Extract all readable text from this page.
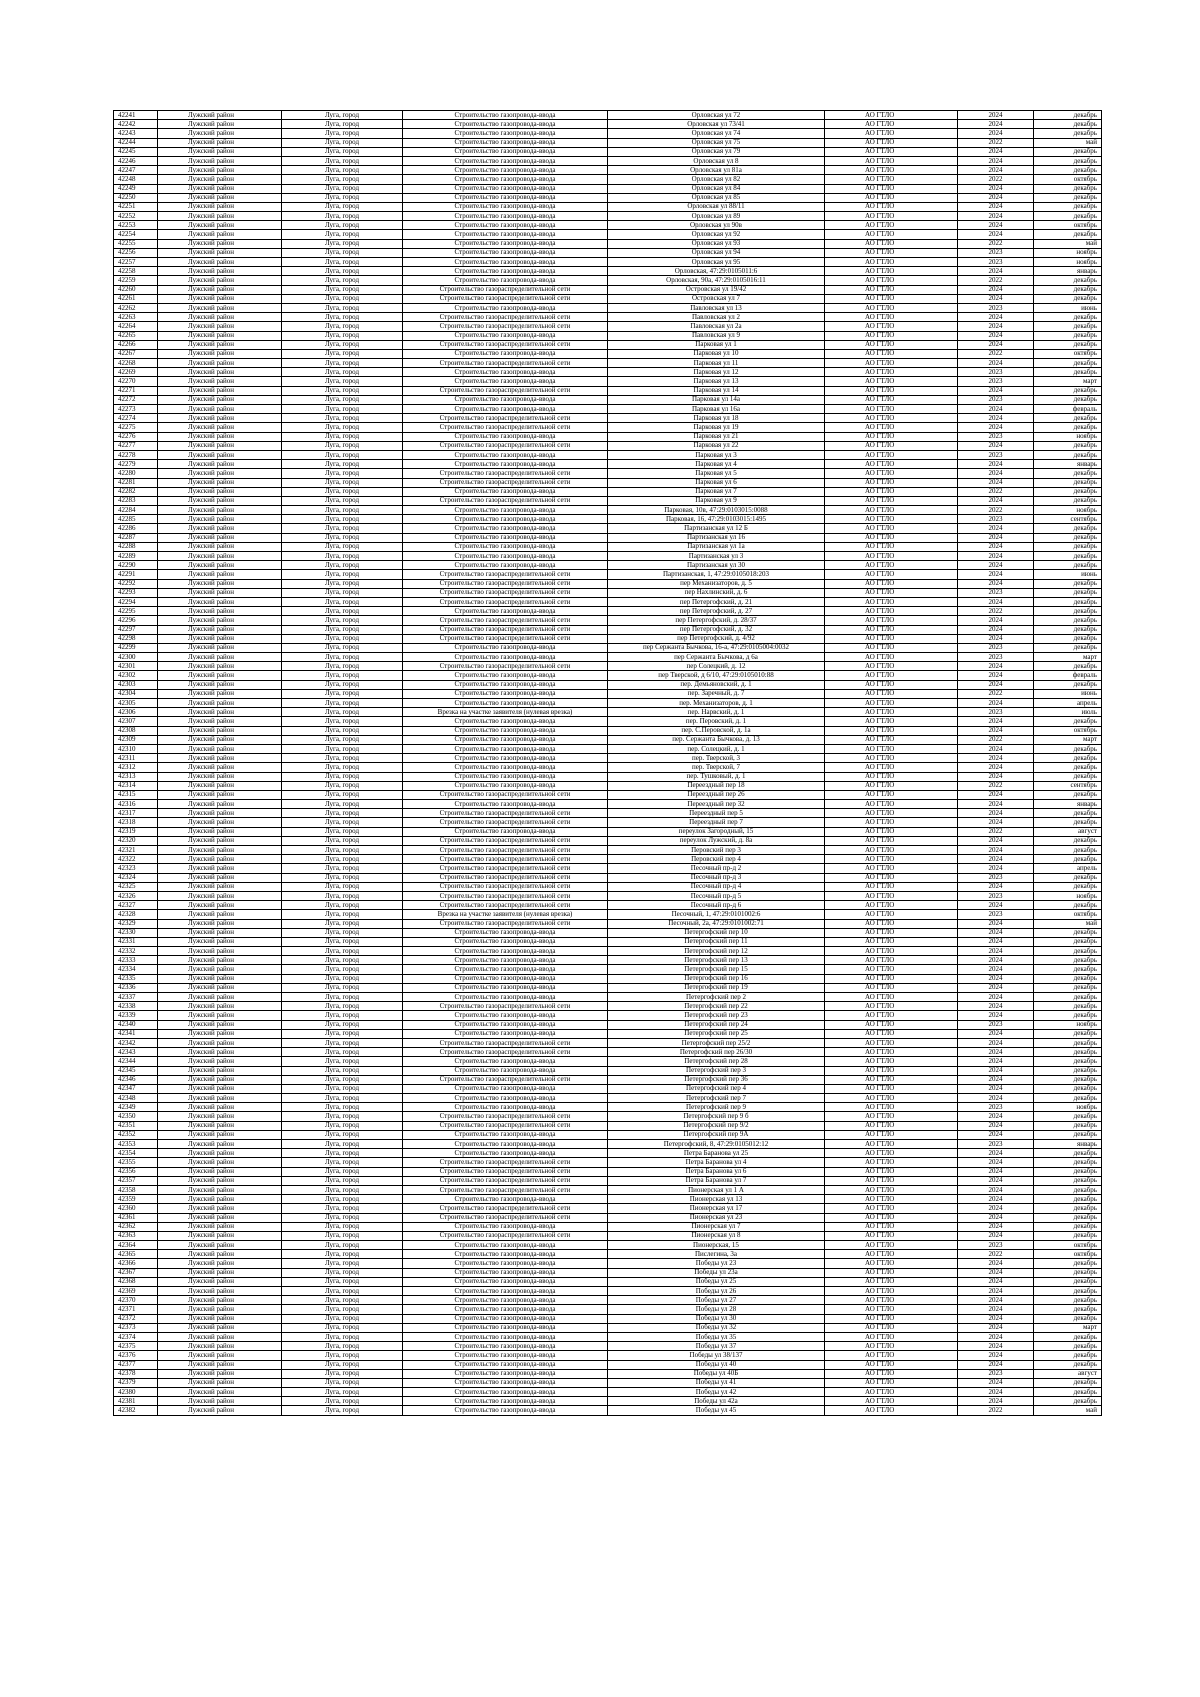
42241	Лужский район	Луга, город	Строительство газопровода-ввода	Орловская ул 72	АО ГТЛО	2024	декабрь
42242	Лужский район	Луга, город	Строительство газопровода-ввода	Орловская ул 73/41	АО ГТЛО	2024	декабрь
42243	Лужский район	Луга, город	Строительство газопровода-ввода	Орловская ул 74	АО ГТЛО	2024	декабрь
42244	Лужский район	Луга, город	Строительство газопровода-ввода	Орловская ул 75	АО ГТЛО	2022	май
42245	Лужский район	Луга, город	Строительство газопровода-ввода	Орловская ул 79	АО ГТЛО	2024	декабрь
42246	Лужский район	Луга, город	Строительство газопровода-ввода	Орловская ул 8	АО ГТЛО	2024	декабрь
42247	Лужский район	Луга, город	Строительство газопровода-ввода	Орловская ул 81а	АО ГТЛО	2024	декабрь
42248	Лужский район	Луга, город	Строительство газопровода-ввода	Орловская ул 82	АО ГТЛО	2022	октябрь
42249	Лужский район	Луга, город	Строительство газопровода-ввода	Орловская ул 84	АО ГТЛО	2024	декабрь
42250	Лужский район	Луга, город	Строительство газопровода-ввода	Орловская ул 85	АО ГТЛО	2024	декабрь
42251	Лужский район	Луга, город	Строительство газопровода-ввода	Орловская ул 88/11	АО ГТЛО	2024	декабрь
42252	Лужский район	Луга, город	Строительство газопровода-ввода	Орловская ул 89	АО ГТЛО	2024	декабрь
42253	Лужский район	Луга, город	Строительство газопровода-ввода	Орловская ул 90в	АО ГТЛО	2024	октябрь
42254	Лужский район	Луга, город	Строительство газопровода-ввода	Орловская ул 92	АО ГТЛО	2024	декабрь
42255	Лужский район	Луга, город	Строительство газопровода-ввода	Орловская ул 93	АО ГТЛО	2022	май
42256	Лужский район	Луга, город	Строительство газопровода-ввода	Орловская ул 94	АО ГТЛО	2023	ноябрь
42257	Лужский район	Луга, город	Строительство газопровода-ввода	Орловская ул 95	АО ГТЛО	2023	ноябрь
42258	Лужский район	Луга, город	Строительство газопровода-ввода	Орловская, 47:29:0105011:6	АО ГТЛО	2024	январь
42259	Лужский район	Луга, город	Строительство газопровода-ввода	Орловская, 90а, 47:29:0105016:11	АО ГТЛО	2022	декабрь
42260	Лужский район	Луга, город	Строительство газораспределительной сети	Островская ул 19/42	АО ГТЛО	2024	декабрь
42261	Лужский район	Луга, город	Строительство газораспределительной сети	Островская ул 7	АО ГТЛО	2024	декабрь
42262	Лужский район	Луга, город	Строительство газопровода-ввода	Павловская ул 13	АО ГТЛО	2023	июнь
42263	Лужский район	Луга, город	Строительство газораспределительной сети	Павловская ул 2	АО ГТЛО	2024	декабрь
42264	Лужский район	Луга, город	Строительство газораспределительной сети	Павловская ул 2а	АО ГТЛО	2024	декабрь
42265	Лужский район	Луга, город	Строительство газопровода-ввода	Павловская ул 9	АО ГТЛО	2024	декабрь
42266	Лужский район	Луга, город	Строительство газораспределительной сети	Парковая ул 1	АО ГТЛО	2024	декабрь
42267	Лужский район	Луга, город	Строительство газопровода-ввода	Парковая ул 10	АО ГТЛО	2022	октябрь
42268	Лужский район	Луга, город	Строительство газораспределительной сети	Парковая ул 11	АО ГТЛО	2024	декабрь
42269	Лужский район	Луга, город	Строительство газопровода-ввода	Парковая ул 12	АО ГТЛО	2023	декабрь
42270	Лужский район	Луга, город	Строительство газопровода-ввода	Парковая ул 13	АО ГТЛО	2023	март
42271	Лужский район	Луга, город	Строительство газораспределительной сети	Парковая ул 14	АО ГТЛО	2024	декабрь
42272	Лужский район	Луга, город	Строительство газопровода-ввода	Парковая ул 14а	АО ГТЛО	2023	декабрь
42273	Лужский район	Луга, город	Строительство газопровода-ввода	Парковая ул 16а	АО ГТЛО	2024	февраль
42274	Лужский район	Луга, город	Строительство газораспределительной сети	Парковая ул 18	АО ГТЛО	2024	декабрь
42275	Лужский район	Луга, город	Строительство газораспределительной сети	Парковая ул 19	АО ГТЛО	2024	декабрь
42276	Лужский район	Луга, город	Строительство газопровода-ввода	Парковая ул 21	АО ГТЛО	2023	ноябрь
42277	Лужский район	Луга, город	Строительство газораспределительной сети	Парковая ул 22	АО ГТЛО	2024	декабрь
42278	Лужский район	Луга, город	Строительство газопровода-ввода	Парковая ул 3	АО ГТЛО	2023	декабрь
42279	Лужский район	Луга, город	Строительство газопровода-ввода	Парковая ул 4	АО ГТЛО	2024	январь
42280	Лужский район	Луга, город	Строительство газораспределительной сети	Парковая ул 5	АО ГТЛО	2024	декабрь
42281	Лужский район	Луга, город	Строительство газораспределительной сети	Парковая ул 6	АО ГТЛО	2024	декабрь
42282	Лужский район	Луга, город	Строительство газопровода-ввода	Парковая ул 7	АО ГТЛО	2022	декабрь
42283	Лужский район	Луга, город	Строительство газораспределительной сети	Парковая ул 9	АО ГТЛО	2024	декабрь
42284	Лужский район	Луга, город	Строительство газопровода-ввода	Парковая, 10в, 47:29:0103015:0088	АО ГТЛО	2022	ноябрь
42285	Лужский район	Луга, город	Строительство газопровода-ввода	Парковая, 16, 47:29:0103015:1495	АО ГТЛО	2023	сентябрь
42286	Лужский район	Луга, город	Строительство газопровода-ввода	Партизанская ул 12 Б	АО ГТЛО	2024	декабрь
42287	Лужский район	Луга, город	Строительство газопровода-ввода	Партизанская ул 16	АО ГТЛО	2024	декабрь
42288	Лужский район	Луга, город	Строительство газопровода-ввода	Партизанская ул 1а	АО ГТЛО	2024	декабрь
42289	Лужский район	Луга, город	Строительство газопровода-ввода	Партизанская ул 3	АО ГТЛО	2024	декабрь
42290	Лужский район	Луга, город	Строительство газопровода-ввода	Партизанская ул 30	АО ГТЛО	2024	декабрь
42291	Лужский район	Луга, город	Строительство газораспределительной сети	Партизанская, 1, 47:29:0105018:203	АО ГТЛО	2024	июнь
42292	Лужский район	Луга, город	Строительство газораспределительной сети	пер Механизаторов, д. 5	АО ГТЛО	2024	декабрь
42293	Лужский район	Луга, город	Строительство газораспределительной сети	пер Нахлинский, д. 6	АО ГТЛО	2023	декабрь
42294	Лужский район	Луга, город	Строительство газораспределительной сети	пер Петергофский, д. 21	АО ГТЛО	2024	декабрь
42295	Лужский район	Луга, город	Строительство газопровода-ввода	пер Петергофский, д. 27	АО ГТЛО	2022	декабрь
42296	Лужский район	Луга, город	Строительство газораспределительной сети	пер Петергофский, д. 28/37	АО ГТЛО	2024	декабрь
42297	Лужский район	Луга, город	Строительство газораспределительной сети	пер Петергофский, д. 32	АО ГТЛО	2024	декабрь
42298	Лужский район	Луга, город	Строительство газораспределительной сети	пер Петергофский, д. 4/92	АО ГТЛО	2024	декабрь
42299	Лужский район	Луга, город	Строительство газопровода-ввода	пер Сержанта Бычкова, 16-а, 47:29:0105004:0032	АО ГТЛО	2023	декабрь
42300	Лужский район	Луга, город	Строительство газопровода-ввода	пер Сержанта Бычкова, д 6а	АО ГТЛО	2023	март
42301	Лужский район	Луга, город	Строительство газораспределительной сети	пер Солецкий, д. 12	АО ГТЛО	2024	декабрь
42302	Лужский район	Луга, город	Строительство газопровода-ввода	пер Тверской, д 6/10, 47:29:0105010:88	АО ГТЛО	2024	февраль
42303	Лужский район	Луга, город	Строительство газопровода-ввода	пер. Демьяновский, д. 1	АО ГТЛО	2024	декабрь
42304	Лужский район	Луга, город	Строительство газопровода-ввода	пер. Заречный, д. 7	АО ГТЛО	2022	июнь
42305	Лужский район	Луга, город	Строительство газопровода-ввода	пер. Механизаторов, д. 1	АО ГТЛО	2024	апрель
42306	Лужский район	Луга, город	Врезка на участке заявителя (нулевая врезка)	пер. Нарвский, д. 1	АО ГТЛО	2023	июль
42307	Лужский район	Луга, город	Строительство газопровода-ввода	пер. Перовский, д. 1	АО ГТЛО	2024	декабрь
42308	Лужский район	Луга, город	Строительство газопровода-ввода	пер. С.Перовской, д. 1а	АО ГТЛО	2024	октябрь
42309	Лужский район	Луга, город	Строительство газопровода-ввода	пер. Сержанта Бычкова, д. 13	АО ГТЛО	2022	март
42310	Лужский район	Луга, город	Строительство газопровода-ввода	пер. Солецкий, д. 1	АО ГТЛО	2024	декабрь
42311	Лужский район	Луга, город	Строительство газопровода-ввода	пер. Тверской, 3	АО ГТЛО	2024	декабрь
42312	Лужский район	Луга, город	Строительство газопровода-ввода	пер. Тверской, 7	АО ГТЛО	2024	декабрь
42313	Лужский район	Луга, город	Строительство газопровода-ввода	пер. Тушковый, д. 1	АО ГТЛО	2024	декабрь
42314	Лужский район	Луга, город	Строительство газопровода-ввода	Переездный пер 18	АО ГТЛО	2022	сентябрь
42315	Лужский район	Луга, город	Строительство газораспределительной сети	Переездный пер 26	АО ГТЛО	2024	декабрь
42316	Лужский район	Луга, город	Строительство газопровода-ввода	Переездный пер 32	АО ГТЛО	2024	январь
42317	Лужский район	Луга, город	Строительство газораспределительной сети	Переездный пер 5	АО ГТЛО	2024	декабрь
42318	Лужский район	Луга, город	Строительство газораспределительной сети	Переездный пер 7	АО ГТЛО	2024	декабрь
42319	Лужский район	Луга, город	Строительство газопровода-ввода	переулок Загородный, 15	АО ГТЛО	2022	август
42320	Лужский район	Луга, город	Строительство газораспределительной сети	переулок Лужский, д. 8а	АО ГТЛО	2024	декабрь
42321	Лужский район	Луга, город	Строительство газораспределительной сети	Перовский пер 3	АО ГТЛО	2024	декабрь
42322	Лужский район	Луга, город	Строительство газораспределительной сети	Перовский пер 4	АО ГТЛО	2024	декабрь
42323	Лужский район	Луга, город	Строительство газораспределительной сети	Песочный пр-д 2	АО ГТЛО	2024	апрель
42324	Лужский район	Луга, город	Строительство газораспределительной сети	Песочный пр-д 3	АО ГТЛО	2023	декабрь
42325	Лужский район	Луга, город	Строительство газораспределительной сети	Песочный пр-д 4	АО ГТЛО	2024	декабрь
42326	Лужский район	Луга, город	Строительство газораспределительной сети	Песочный пр-д 5	АО ГТЛО	2023	ноябрь
42327	Лужский район	Луга, город	Строительство газораспределительной сети	Песочный пр-д 6	АО ГТЛО	2024	декабрь
42328	Лужский район	Луга, город	Врезка на участке заявителя (нулевая врезка)	Песочный, 1, 47:29:0101002:6	АО ГТЛО	2023	октябрь
42329	Лужский район	Луга, город	Строительство газораспределительной сети	Песочный, 2а, 47:29:0101002:71	АО ГТЛО	2024	май
42330	Лужский район	Луга, город	Строительство газопровода-ввода	Петергофский пер 10	АО ГТЛО	2024	декабрь
42331	Лужский район	Луга, город	Строительство газопровода-ввода	Петергофский пер 11	АО ГТЛО	2024	декабрь
42332	Лужский район	Луга, город	Строительство газопровода-ввода	Петергофский пер 12	АО ГТЛО	2024	декабрь
42333	Лужский район	Луга, город	Строительство газопровода-ввода	Петергофский пер 13	АО ГТЛО	2024	декабрь
42334	Лужский район	Луга, город	Строительство газопровода-ввода	Петергофский пер 15	АО ГТЛО	2024	декабрь
42335	Лужский район	Луга, город	Строительство газопровода-ввода	Петергофский пер 16	АО ГТЛО	2024	декабрь
42336	Лужский район	Луга, город	Строительство газопровода-ввода	Петергофский пер 19	АО ГТЛО	2024	декабрь
42337	Лужский район	Луга, город	Строительство газопровода-ввода	Петергофский пер 2	АО ГТЛО	2024	декабрь
42338	Лужский район	Луга, город	Строительство газораспределительной сети	Петергофский пер 22	АО ГТЛО	2024	декабрь
42339	Лужский район	Луга, город	Строительство газопровода-ввода	Петергофский пер 23	АО ГТЛО	2024	декабрь
42340	Лужский район	Луга, город	Строительство газопровода-ввода	Петергофский пер 24	АО ГТЛО	2023	ноябрь
42341	Лужский район	Луга, город	Строительство газопровода-ввода	Петергофский пер 25	АО ГТЛО	2024	декабрь
42342	Лужский район	Луга, город	Строительство газораспределительной сети	Петергофский пер 25/2	АО ГТЛО	2024	декабрь
42343	Лужский район	Луга, город	Строительство газораспределительной сети	Петергофский пер 26/30	АО ГТЛО	2024	декабрь
42344	Лужский район	Луга, город	Строительство газопровода-ввода	Петергофский пер 28	АО ГТЛО	2024	декабрь
42345	Лужский район	Луга, город	Строительство газопровода-ввода	Петергофский пер 3	АО ГТЛО	2024	декабрь
42346	Лужский район	Луга, город	Строительство газораспределительной сети	Петергофский пер 36	АО ГТЛО	2024	декабрь
42347	Лужский район	Луга, город	Строительство газопровода-ввода	Петергофский пер 4	АО ГТЛО	2024	декабрь
42348	Лужский район	Луга, город	Строительство газопровода-ввода	Петергофский пер 7	АО ГТЛО	2024	декабрь
42349	Лужский район	Луга, город	Строительство газопровода-ввода	Петергофский пер 9	АО ГТЛО	2023	ноябрь
42350	Лужский район	Луга, город	Строительство газораспределительной сети	Петергофский пер 9 б	АО ГТЛО	2024	декабрь
42351	Лужский район	Луга, город	Строительство газораспределительной сети	Петергофский пер 9/2	АО ГТЛО	2024	декабрь
42352	Лужский район	Луга, город	Строительство газопровода-ввода	Петергофский пер 9А	АО ГТЛО	2024	декабрь
42353	Лужский район	Луга, город	Строительство газопровода-ввода	Петергофский, 8, 47:29:0105012:12	АО ГТЛО	2023	январь
42354	Лужский район	Луга, город	Строительство газопровода-ввода	Петра Баранова ул 25	АО ГТЛО	2024	декабрь
42355	Лужский район	Луга, город	Строительство газораспределительной сети	Петра Баранова ул 4	АО ГТЛО	2024	декабрь
42356	Лужский район	Луга, город	Строительство газораспределительной сети	Петра Баранова ул 6	АО ГТЛО	2024	декабрь
42357	Лужский район	Луга, город	Строительство газораспределительной сети	Петра Баранова ул 7	АО ГТЛО	2024	декабрь
42358	Лужский район	Луга, город	Строительство газораспределительной сети	Пионерская ул 1 А	АО ГТЛО	2024	декабрь
42359	Лужский район	Луга, город	Строительство газопровода-ввода	Пионерская ул 13	АО ГТЛО	2024	декабрь
42360	Лужский район	Луга, город	Строительство газораспределительной сети	Пионерская ул 17	АО ГТЛО	2024	декабрь
42361	Лужский район	Луга, город	Строительство газораспределительной сети	Пионерская ул 23	АО ГТЛО	2024	декабрь
42362	Лужский район	Луга, город	Строительство газопровода-ввода	Пионерская ул 7	АО ГТЛО	2024	декабрь
42363	Лужский район	Луга, город	Строительство газораспределительной сети	Пионерская ул 8	АО ГТЛО	2024	декабрь
42364	Лужский район	Луга, город	Строительство газопровода-ввода	Пионерская, 15	АО ГТЛО	2023	октябрь
42365	Лужский район	Луга, город	Строительство газопровода-ввода	Пислегина, 3а	АО ГТЛО	2022	октябрь
42366	Лужский район	Луга, город	Строительство газопровода-ввода	Победы ул 23	АО ГТЛО	2024	декабрь
42367	Лужский район	Луга, город	Строительство газопровода-ввода	Победы ул 23а	АО ГТЛО	2024	декабрь
42368	Лужский район	Луга, город	Строительство газопровода-ввода	Победы ул 25	АО ГТЛО	2024	декабрь
42369	Лужский район	Луга, город	Строительство газопровода-ввода	Победы ул 26	АО ГТЛО	2024	декабрь
42370	Лужский район	Луга, город	Строительство газопровода-ввода	Победы ул 27	АО ГТЛО	2024	декабрь
42371	Лужский район	Луга, город	Строительство газопровода-ввода	Победы ул 28	АО ГТЛО	2024	декабрь
42372	Лужский район	Луга, город	Строительство газопровода-ввода	Победы ул 30	АО ГТЛО	2024	декабрь
42373	Лужский район	Луга, город	Строительство газопровода-ввода	Победы ул 32	АО ГТЛО	2024	март
42374	Лужский район	Луга, город	Строительство газопровода-ввода	Победы ул 35	АО ГТЛО	2024	декабрь
42375	Лужский район	Луга, город	Строительство газопровода-ввода	Победы ул 37	АО ГТЛО	2024	декабрь
42376	Лужский район	Луга, город	Строительство газопровода-ввода	Победы ул 38/137	АО ГТЛО	2024	декабрь
42377	Лужский район	Луга, город	Строительство газопровода-ввода	Победы ул 40	АО ГТЛО	2024	декабрь
42378	Лужский район	Луга, город	Строительство газопровода-ввода	Победы ул 40Б	АО ГТЛО	2023	август
42379	Лужский район	Луга, город	Строительство газопровода-ввода	Победы ул 41	АО ГТЛО	2024	декабрь
42380	Лужский район	Луга, город	Строительство газопровода-ввода	Победы ул 42	АО ГТЛО	2024	декабрь
42381	Лужский район	Луга, город	Строительство газопровода-ввода	Победы ул 42а	АО ГТЛО	2024	декабрь
42382	Лужский район	Луга, город	Строительство газопровода-ввода	Победы ул 45	АО ГТЛО	2022	май
